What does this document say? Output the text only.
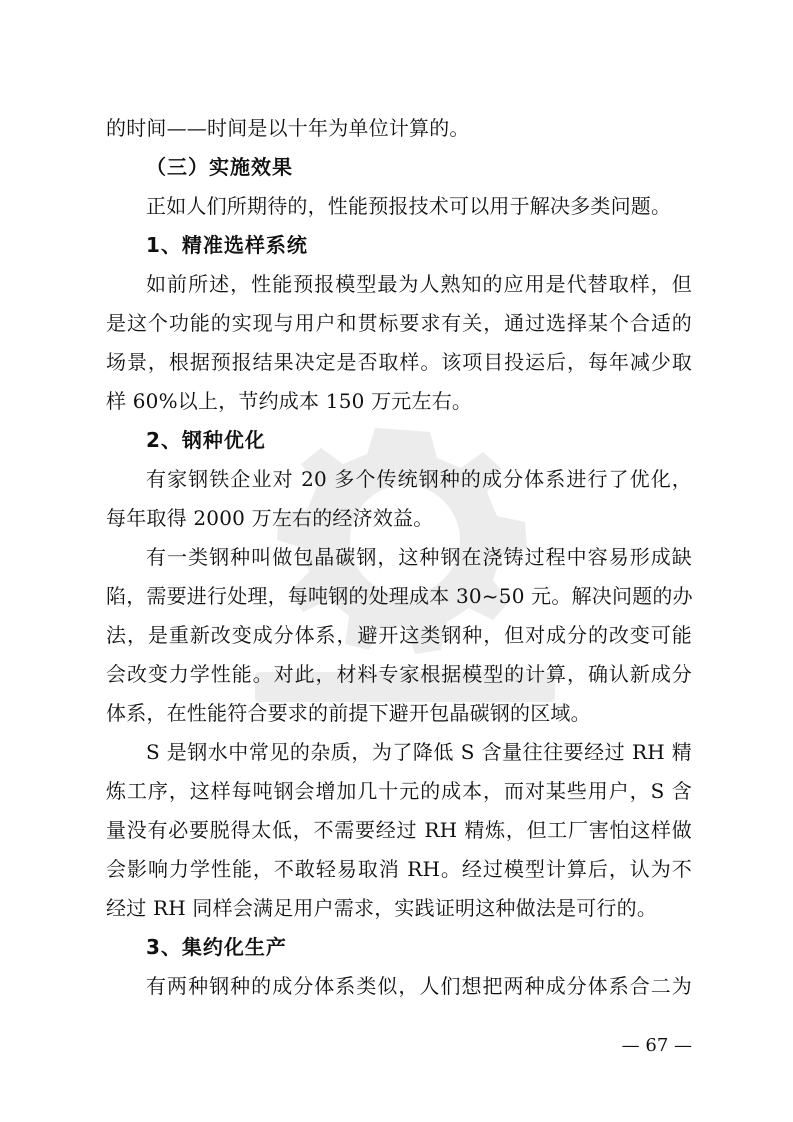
的时间——时间是以十年为单位计算的。
（三）实施效果
正如人们所期待的，性能预报技术可以用于解决多类问题。
1、精准选样系统
如前所述，性能预报模型最为人熟知的应用是代替取样，但
是这个功能的实现与用户和贯标要求有关，通过选择某个合适的
场景，根据预报结果决定是否取样。该项目投运后，每年减少取
样 60%以上，节约成本 150 万元左右。
2、钢种优化
有家钢铁企业对 20 多个传统钢种的成分体系进行了优化，
每年取得 2000 万左右的经济效益。
有一类钢种叫做包晶碳钢，这种钢在浇铸过程中容易形成缺
陷，需要进行处理，每吨钢的处理成本 30~50 元。解决问题的办
法，是重新改变成分体系，避开这类钢种，但对成分的改变可能
会改变力学性能。对此，材料专家根据模型的计算，确认新成分
体系，在性能符合要求的前提下避开包晶碳钢的区域。
S 是钢水中常见的杂质，为了降低 S 含量往往要经过 RH 精
炼工序，这样每吨钢会增加几十元的成本，而对某些用户，S 含
量没有必要脱得太低，不需要经过 RH 精炼，但工厂害怕这样做
会影响力学性能，不敢轻易取消 RH。经过模型计算后，认为不
经过 RH 同样会满足用户需求，实践证明这种做法是可行的。
3、集约化生产
有两种钢种的成分体系类似，人们想把两种成分体系合二为
— 67 —
